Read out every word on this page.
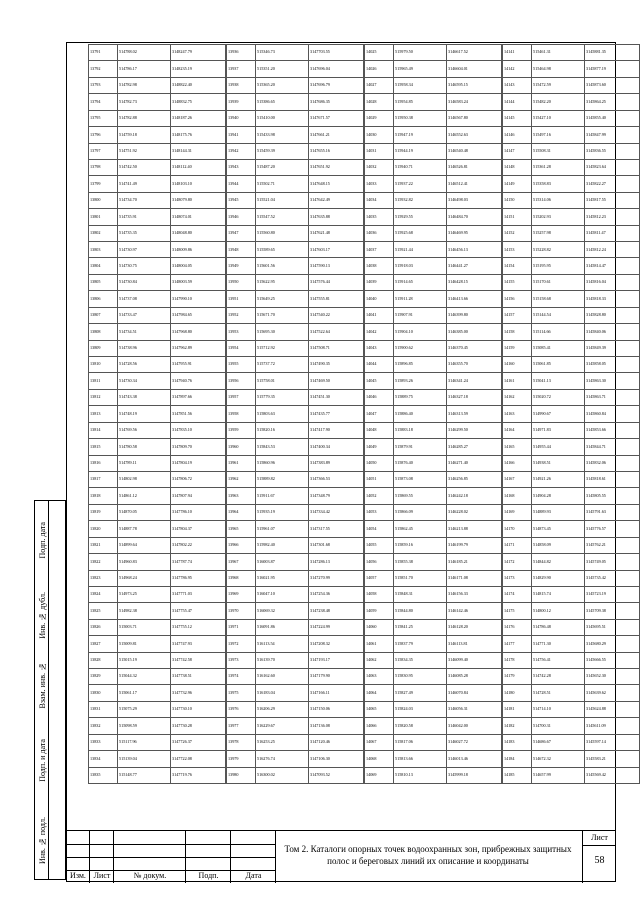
Подп. дата
Инв. № дубл.
Взам. инв. №
Подп. и дата
Инв. № подл.
13791	514788.02	3148247.79
13792	514786.17	3148235.19
13793	514782.98	3148822.40
13794	514782.73	3148832.75
13795	514782.88	3148187.26
13796	514759.18	3148175.76
13797	514751.92	3148144.31
13798	514742.50	3148112.40
13799	514741.49	3148103.10
13800	514734.70	3148079.80
13801	514735.91	3148074.01
13802	514735.35	3148048.80
13803	514730.97	3148009.86
13804	514730.75	3148004.05
13805	514730.84	3148003.59
13806	514737.08	3147990.10
13807	514733.47	3147984.65
13808	514734.51	3147968.80
13809	514738.96	3147962.89
13810	514728.56	3147955.91
13811	514730.34	3147940.76
13812	514743.38	3147897.66
13813	514748.19	3147851.56
13814	514769.56	3147835.10
13815	514780.58	3147809.70
13816	514789.11	3147804.19
13817	514802.98	3147806.72
13818	514861.12	3147807.94
13819	514870.05	3147786.10
13820	514887.78	3147804.37
13821	514899.64	3147802.22
13822	514960.83	3147787.74
13823	514968.24	3147786.95
13824	514973.25	3147771.03
13825	514982.38	3147755.47
13826	515003.71	3147755.12
13827	515009.81	3147747.93
13828	515015.19	3147742.58
13829	515044.32	3147738.51
13830	515061.17	3147732.96
13831	515075.29	3147730.10
13832	515098.59	3147730.28
13833	515117.96	3147726.37
13834	515139.04	3147722.08
13835	515148.77	3147719.76
13936	515346.73	3147703.55
13937	515351.20	3147696.04
13938	515365.20	3147696.79
13939	515386.65	3147686.35
13940	515410.00	3147671.57
13941	515433.98	3147661.21
13942	515459.39	3147655.16
13943	515487.20	3147651.92
13944	515502.71	3147648.15
13945	515521.04	3147642.49
13946	515547.52	3147635.88
13947	515560.80	3147621.48
13948	515589.65	3147603.17
13949	515601.56	3147590.13
13950	515622.95	3147576.44
13951	515649.25	3147555.81
13952	515671.70	3147540.22
13953	515695.30	3147522.64
13954	515712.92	3147508.71
13955	515737.72	3147490.35
13956	515758.01	3147469.50
13957	515779.35	3147451.30
13958	515803.63	3147435.77
13959	515820.16	3147417.90
13960	515843.53	3147400.34
13961	515860.96	3147383.89
13962	515889.82	3147366.53
13963	515911.67	3147348.79
13964	515935.19	3147334.42
13965	515961.07	3147317.55
13966	515982.40	3147301.68
13967	516003.87	3147286.13
13968	516021.95	3147270.99
13969	516047.10	3147254.36
13970	516069.32	3147238.48
13971	516091.86	3147224.99
13972	516113.54	3147208.32
13973	516139.70	3147193.17
13974	516162.60	3147179.90
13975	516183.04	3147166.11
13976	516206.29	3147150.06
13977	516229.67	3147136.08
13978	516253.25	3147120.46
13979	516276.74	3147106.30
13980	516300.02	3147093.52
14025	515979.50	3146617.52
14026	515965.49	3146604.01
14027	515958.34	3146595.15
14028	515954.85	3146583.24
14029	515950.38	3146567.80
14030	515947.19	3146552.63
14031	515944.19	3146540.48
14032	515940.71	3146526.81
14033	515937.22	3146512.41
14034	515932.82	3146498.03
14035	515929.55	3146484.70
14036	515925.68	3146469.95
14037	515921.44	3146456.13
14038	515918.03	3146441.27
14039	515914.65	3146428.15
14040	515911.28	3146413.66
14041	515907.91	3146399.80
14042	515904.10	3146385.00
14043	515900.62	3146370.45
14044	515896.85	3146355.70
14045	515893.26	3146341.24
14046	515889.75	3146327.18
14047	515886.40	3146313.59
14048	515883.18	3146299.50
14049	515879.91	3146285.27
14050	515876.40	3146271.40
14051	515873.08	3146256.85
14052	515869.55	3146242.18
14053	515866.09	3146228.02
14054	515862.45	3146213.88
14055	515859.16	3146199.79
14056	515855.38	3146185.21
14057	515851.70	3146171.08
14058	515848.31	3146156.33
14059	515844.80	3146142.46
14060	515841.25	3146128.20
14061	515837.79	3146113.81
14062	515834.35	3146099.40
14063	515830.95	3146085.28
14064	515827.49	3146070.84
14065	515824.03	3146056.31
14066	515820.58	3146042.00
14067	515817.06	3146027.72
14068	515813.66	3146013.46
14069	515810.13	3145999.18
14141	515461.31	3145881.35
14142	515464.98	3145877.19
14143	515472.59	3145873.60
14144	515482.20	3145864.25
14145	515427.10	3145855.40
14146	515497.16	3145847.99
14147	515508.31	3145836.55
14148	515361.28	3145823.64
14149	515358.83	3145822.27
14150	515314.06	3145817.55
14151	515202.93	3145812.23
14152	515257.98	3145811.47
14153	515228.82	3145812.24
14154	515195.95	3145814.47
14155	515170.61	3145816.04
14156	515158.68	3145818.33
14157	515144.54	3145828.80
14158	515114.66	3145840.06
14159	515085.41	3145849.39
14160	515061.85	3145858.05
14161	515041.13	3145863.30
14162	515020.72	3145863.71
14163	514990.67	3145860.84
14164	514971.83	3145853.66
14165	514955.44	3145844.71
14166	514938.51	3145832.06
14167	514921.26	3145818.61
14168	514904.28	3145805.55
14169	514889.93	3145791.63
14170	514873.45	3145776.57
14171	514858.09	3145762.21
14172	514844.82	3145749.05
14173	514829.90	3145735.42
14174	514815.74	3145723.19
14175	514800.12	3145709.38
14176	514786.48	3145695.51
14177	514771.30	3145680.29
14178	514756.41	3145666.55
14179	514742.28	3145652.30
14180	514728.51	3145639.62
14181	514714.10	3145624.88
14182	514700.31	3145611.09
14183	514686.67	3145597.14
14184	514672.32	3145583.21
14185	514657.99	3145569.42
Изм. Лист	№ докум.	Подп.	Дата
Том 2. Каталоги опорных точек водоохранных зон, прибрежных защитных полос и береговых линий их описание и координаты
Лист
58
